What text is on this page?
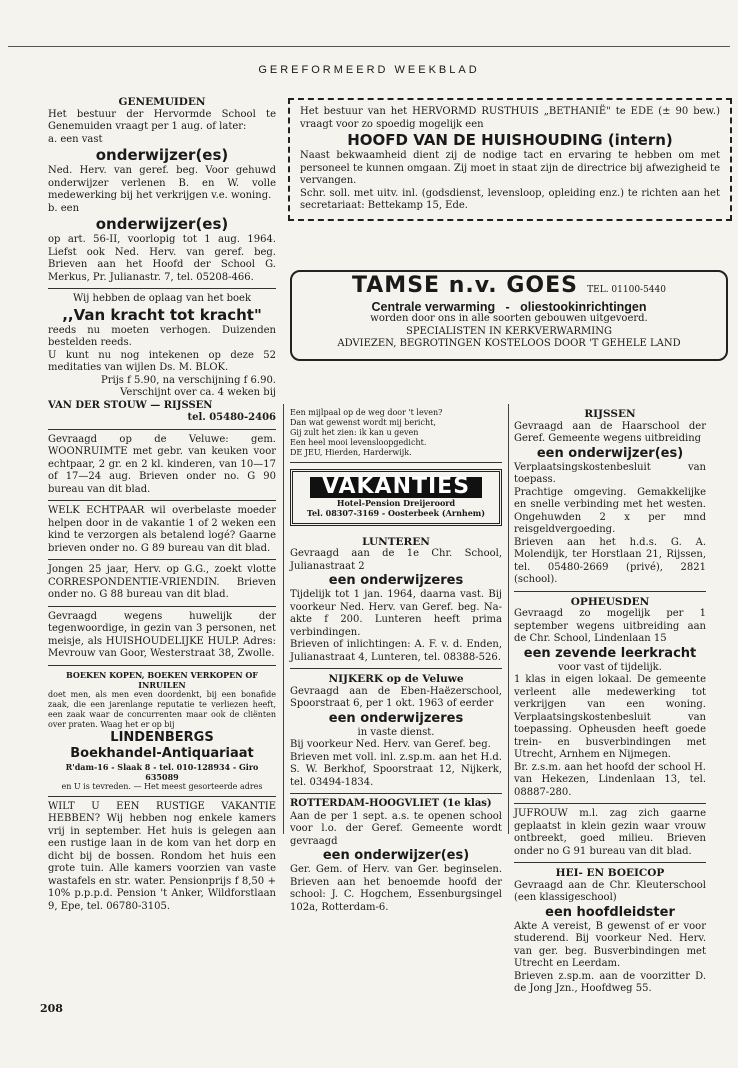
GEREFORMEERD WEEKBLAD

GENEMUIDEN

Het bestuur der Hervormde School te Genemuiden vraagt per 1 aug. of later:

a. een vast

onderwijzer(es)

Ned. Herv. van geref. beg. Voor gehuwd onderwijzer verlenen B. en W. volle medewerking bij het verkrijgen v.e. woning.

b. een

onderwijzer(es)

op art. 56-II, voorlopig tot 1 aug. 1964. Liefst ook Ned. Herv. van geref. beg. Brieven aan het Hoofd der School G. Merkus, Pr. Julianastr. 7, tel. 05208-466.

Wij hebben de oplaag van het boek

,,Van kracht tot kracht"

reeds nu moeten verhogen. Duizenden bestelden reeds.

U kunt nu nog intekenen op deze 52 meditaties van wijlen Ds. M. BLOK.

Prijs f 5.90, na verschijning f 6.90.

Verschijnt over ca. 4 weken bij

VAN DER STOUW — RIJSSEN

tel. 05480-2406

Gevraagd op de Veluwe: gem. WOONRUIMTE met gebr. van keuken voor echtpaar, 2 gr. en 2 kl. kinderen, van 10—17 of 17—24 aug. Brieven onder no. G 90 bureau van dit blad.

WELK ECHTPAAR wil overbelaste moeder helpen door in de vakantie 1 of 2 weken een kind te verzorgen als betalend logé? Gaarne brieven onder no. G 89 bureau van dit blad.

Jongen 25 jaar, Herv. op G.G., zoekt vlotte CORRESPONDENTIE-VRIENDIN. Brieven onder no. G 88 bureau van dit blad.

Gevraagd wegens huwelijk der tegenwoordige, in gezin van 3 personen, net meisje, als HUISHOUDELIJKE HULP. Adres: Mevrouw van Goor, Westerstraat 38, Zwolle.

BOEKEN KOPEN, BOEKEN VERKOPEN OF INRUILEN

doet men, als men even doordenkt, bij een bonafide zaak, die een jarenlange reputatie te verliezen heeft, een zaak waar de concurrenten maar ook de cliënten over praten. Waag het er op bij

LINDENBERGS

Boekhandel-Antiquariaat

R'dam-16 - Slaak 8 - tel. 010-128934 - Giro 635089

en U is tevreden. — Het meest gesorteerde adres

WILT U EEN RUSTIGE VAKANTIE HEBBEN? Wij hebben nog enkele kamers vrij in september. Het huis is gelegen aan een rustige laan in de kom van het dorp en dicht bij de bossen. Rondom het huis een grote tuin. Alle kamers voorzien van vaste wastafels en str. water. Pensionprijs f 8,50 + 10% p.p.p.d. Pension 't Anker, Wildforstlaan 9, Epe, tel. 06780-3105.

Het bestuur van het HERVORMD RUSTHUIS „BETHANIË" te EDE (± 90 bew.) vraagt voor zo spoedig mogelijk een

HOOFD VAN DE HUISHOUDING (intern)

Naast bekwaamheid dient zij de nodige tact en ervaring te hebben om met personeel te kunnen omgaan. Zij moet in staat zijn de directrice bij afwezigheid te vervangen.

Schr. soll. met uitv. inl. (godsdienst, levensloop, opleiding enz.) te richten aan het secretariaat: Bettekamp 15, Ede.

TAMSE n.v. GOES TEL. 01100-5440

Centrale verwarming   -   oliestookinrichtingen

worden door ons in alle soorten gebouwen uitgevoerd.

SPECIALISTEN IN KERKVERWARMING

ADVIEZEN, BEGROTINGEN KOSTELOOS DOOR 'T GEHELE LAND

Een mijlpaal op de weg door 't leven?

Dan wat gewenst wordt mij bericht,

Gij zult het zien: ik kan u geven

Een heel mooi levensloopgedicht.

DE JEU, Hierden, Harderwijk.

VAKANTIES

Hotel-Pension Dreijeroord

Tel. 08307-3169 - Oosterbeek (Arnhem)

LUNTEREN

Gevraagd aan de 1e Chr. School, Julianastraat 2

een onderwijzeres

Tijdelijk tot 1 jan. 1964, daarna vast. Bij voorkeur Ned. Herv. van Geref. beg. Na-akte f 200. Lunteren heeft prima verbindingen.

Brieven of inlichtingen: A. F. v. d. Enden, Julianastraat 4, Lunteren, tel. 08388-526.

NIJKERK op de Veluwe

Gevraagd aan de Eben-Haëzerschool, Spoorstraat 6, per 1 okt. 1963 of eerder

een onderwijzeres

in vaste dienst.

Bij voorkeur Ned. Herv. van Geref. beg.

Brieven met voll. inl. z.sp.m. aan het H.d. S. W. Berkhof, Spoorstraat 12, Nijkerk, tel. 03494-1834.

ROTTERDAM-HOOGVLIET (1e klas)

Aan de per 1 sept. a.s. te openen school voor l.o. der Geref. Gemeente wordt gevraagd

een onderwijzer(es)

Ger. Gem. of Herv. van Ger. beginselen. Brieven aan het benoemde hoofd der school: J. C. Hogchem, Essenburgsingel 102a, Rotterdam-6.

RIJSSEN

Gevraagd aan de Haarschool der Geref. Gemeente wegens uitbreiding

een onderwijzer(es)

Verplaatsingskostenbesluit van toepass.

Prachtige omgeving. Gemakkelijke en snelle verbinding met het westen. Ongehuwden 2 x per mnd reisgeldvergoeding.

Brieven aan het h.d.s. G. A. Molendijk, ter Horstlaan 21, Rijssen, tel. 05480-2669 (privé), 2821 (school).

OPHEUSDEN

Gevraagd zo mogelijk per 1 september wegens uitbreiding aan de Chr. School, Lindenlaan 15

een zevende leerkracht

voor vast of tijdelijk.

1 klas in eigen lokaal. De gemeente verleent alle medewerking tot verkrijgen van een woning. Verplaatsingskostenbesluit van toepassing. Opheusden heeft goede trein- en busverbindingen met Utrecht, Arnhem en Nijmegen.

Br. z.s.m. aan het hoofd der school H. van Hekezen, Lindenlaan 13, tel. 08887-280.

JUFROUW m.l. zag zich gaarne geplaatst in klein gezin waar vrouw ontbreekt, goed milieu. Brieven onder no G 91 bureau van dit blad.

HEI- EN BOEICOP

Gevraagd aan de Chr. Kleuterschool (een klassigeschool)

een hoofdleidster

Akte A vereist, B gewenst of er voor studerend. Bij voorkeur Ned. Herv. van ger. beg. Busverbindingen met Utrecht en Leerdam.

Brieven z.sp.m. aan de voorzitter D. de Jong Jzn., Hoofdweg 55.

208
